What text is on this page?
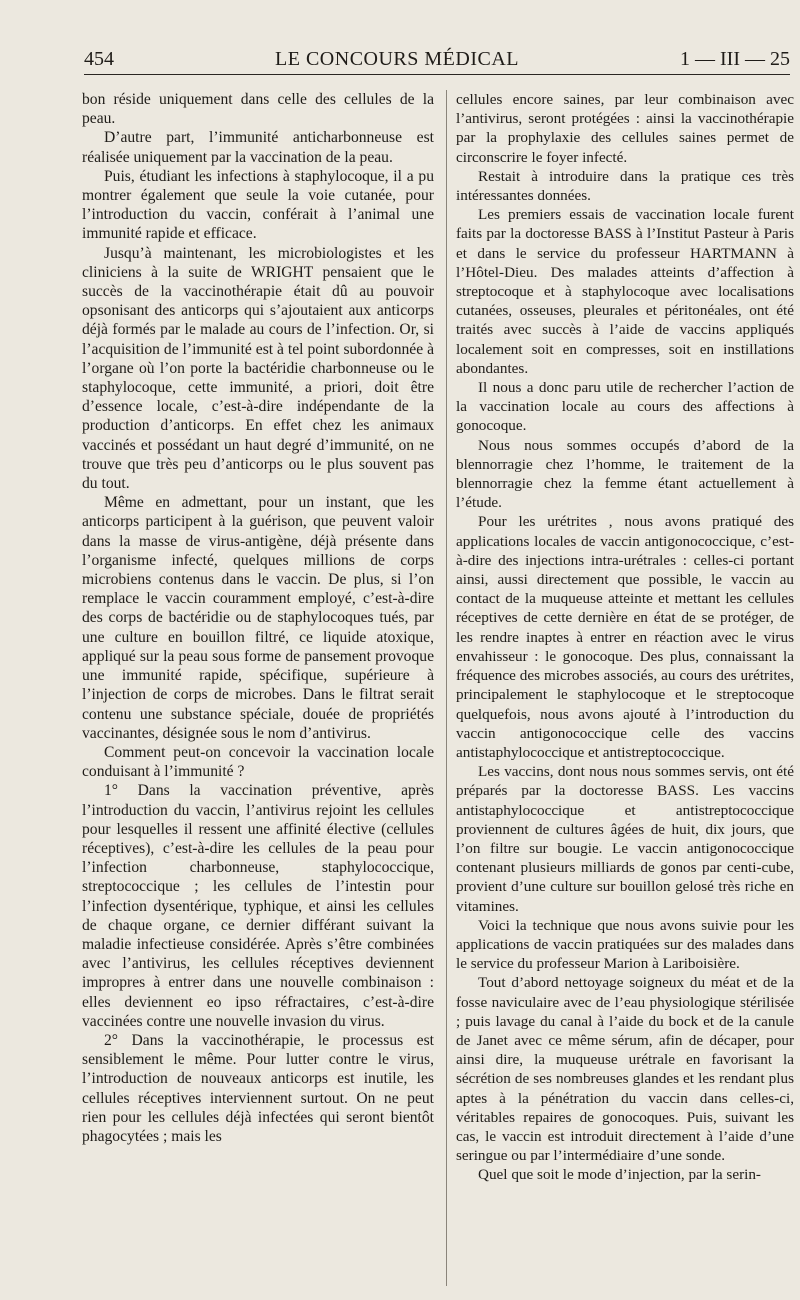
454	LE CONCOURS MÉDICAL	1 — III — 25

bon réside uniquement dans celle des cellules de la peau.

D’autre part, l’immunité anticharbonneuse est réalisée uniquement par la vaccination de la peau.

Puis, étudiant les infections à staphylocoque, il a pu montrer également que seule la voie cutanée, pour l’introduction du vaccin, conférait à l’animal une immunité rapide et efficace.

Jusqu’à maintenant, les microbiologistes et les cliniciens à la suite de WRIGHT pensaient que le succès de la vaccinothérapie était dû au pouvoir opsonisant des anticorps qui s’ajoutaient aux anticorps déjà formés par le malade au cours de l’infection. Or, si l’acquisition de l’immunité est à tel point subordonnée à l’organe où l’on porte la bactéridie charbonneuse ou le staphylocoque, cette immunité, a priori, doit être d’essence locale, c’est-à-dire indépendante de la production d’anticorps. En effet chez les animaux vaccinés et possédant un haut degré d’immunité, on ne trouve que très peu d’anticorps ou le plus souvent pas du tout.

Même en admettant, pour un instant, que les anticorps participent à la guérison, que peuvent valoir dans la masse de virus-antigène, déjà présente dans l’organisme infecté, quelques millions de corps microbiens contenus dans le vaccin. De plus, si l’on remplace le vaccin couramment employé, c’est-à-dire des corps de bactéridie ou de staphylocoques tués, par une culture en bouillon filtré, ce liquide atoxique, appliqué sur la peau sous forme de pansement provoque une immunité rapide, spécifique, supérieure à l’injection de corps de microbes. Dans le filtrat serait contenu une substance spéciale, douée de propriétés vaccinantes, désignée sous le nom d’antivirus.

Comment peut-on concevoir la vaccination locale conduisant à l’immunité ?

1° Dans la vaccination préventive, après l’introduction du vaccin, l’antivirus rejoint les cellules pour lesquelles il ressent une affinité élective (cellules réceptives), c’est-à-dire les cellules de la peau pour l’infection charbonneuse, staphylococcique, streptococcique ; les cellules de l’intestin pour l’infection dysentérique, typhique, et ainsi les cellules de chaque organe, ce dernier différant suivant la maladie infectieuse considérée. Après s’être combinées avec l’antivirus, les cellules réceptives deviennent impropres à entrer dans une nouvelle combinaison : elles deviennent eo ipso réfractaires, c’est-à-dire vaccinées contre une nouvelle invasion du virus.

2° Dans la vaccinothérapie, le processus est sensiblement le même. Pour lutter contre le virus, l’introduction de nouveaux anticorps est inutile, les cellules réceptives interviennent surtout. On ne peut rien pour les cellules déjà infectées qui seront bientôt phagocytées ; mais les

cellules encore saines, par leur combinaison avec l’antivirus, seront protégées : ainsi la vaccinothérapie par la prophylaxie des cellules saines permet de circonscrire le foyer infecté.

Restait à introduire dans la pratique ces très intéressantes données.

Les premiers essais de vaccination locale furent faits par la doctoresse BASS à l’Institut Pasteur à Paris et dans le service du professeur HARTMANN à l’Hôtel-Dieu. Des malades atteints d’affection à streptocoque et à staphylocoque avec localisations cutanées, osseuses, pleurales et péritonéales, ont été traités avec succès à l’aide de vaccins appliqués localement soit en compresses, soit en instillations abondantes.

Il nous a donc paru utile de rechercher l’action de la vaccination locale au cours des affections à gonocoque.

Nous nous sommes occupés d’abord de la blennorragie chez l’homme, le traitement de la blennorragie chez la femme étant actuellement à l’étude.

Pour les urétrites , nous avons pratiqué des applications locales de vaccin antigonococcique, c’est-à-dire des injections intra-urétrales : celles-ci portant ainsi, aussi directement que possible, le vaccin au contact de la muqueuse atteinte et mettant les cellules réceptives de cette dernière en état de se protéger, de les rendre inaptes à entrer en réaction avec le virus envahisseur : le gonocoque. Des plus, connaissant la fréquence des microbes associés, au cours des urétrites, principalement le staphylocoque et le streptocoque quelquefois, nous avons ajouté à l’introduction du vaccin antigonococcique celle des vaccins antistaphylococcique et antistreptococcique.

Les vaccins, dont nous nous sommes servis, ont été préparés par la doctoresse BASS. Les vaccins antistaphylococcique et antistreptococcique proviennent de cultures âgées de huit, dix jours, que l’on filtre sur bougie. Le vaccin antigonococcique contenant plusieurs milliards de gonos par centi-cube, provient d’une culture sur bouillon gelosé très riche en vitamines.

Voici la technique que nous avons suivie pour les applications de vaccin pratiquées sur des malades dans le service du professeur Marion à Lariboisière.

Tout d’abord nettoyage soigneux du méat et de la fosse naviculaire avec de l’eau physiologique stérilisée ; puis lavage du canal à l’aide du bock et de la canule de Janet avec ce même sérum, afin de décaper, pour ainsi dire, la muqueuse urétrale en favorisant la sécrétion de ses nombreuses glandes et les rendant plus aptes à la pénétration du vaccin dans celles-ci, véritables repaires de gonocoques. Puis, suivant les cas, le vaccin est introduit directement à l’aide d’une seringue ou par l’intermédiaire d’une sonde.

Quel que soit le mode d’injection, par la serin-
